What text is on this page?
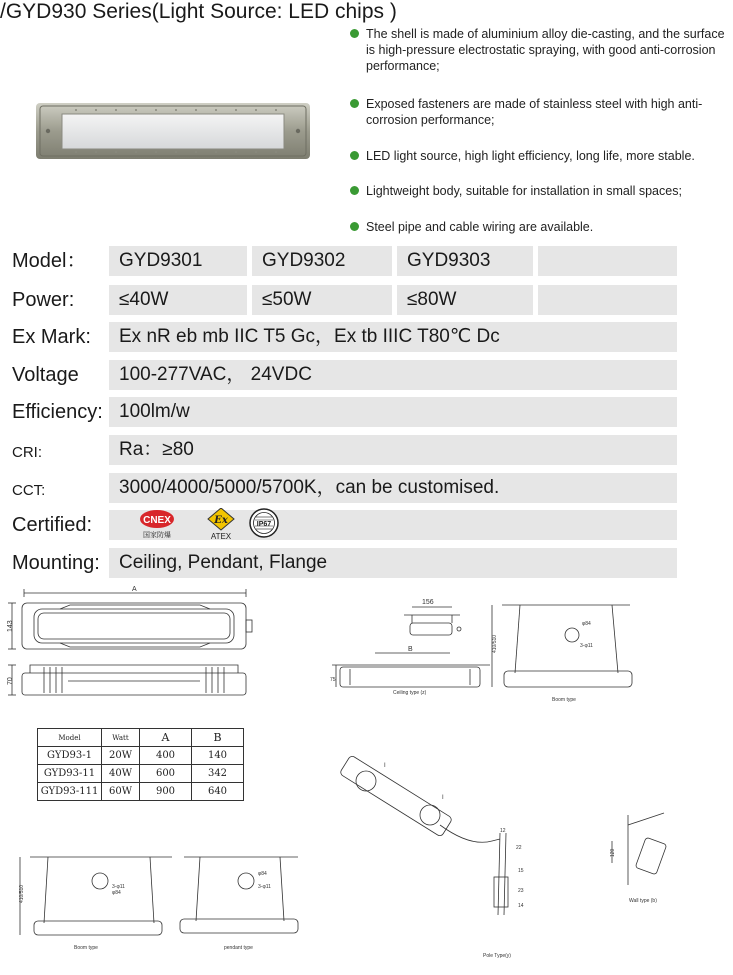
/GYD930 Series(Light Source: LED chips )
The shell is made of aluminium alloy die-casting, and the surface is high-pressure electrostatic spraying, with good anti-corrosion performance;
Exposed fasteners are made of stainless steel with high anti-corrosion performance;
LED light source, high light efficiency, long life, more stable.
Lightweight body, suitable for installation in small spaces;
Steel pipe and cable wiring are available.
Model：	GYD9301	GYD9302	GYD9303
Power:	≤40W	≤50W	≤80W
Ex Mark:	Ex nR eb mb IIC T5 Gc，Ex tb IIIC T80℃ Dc
Voltage	100-277VAC， 24VDC
Efficiency: 100lm/w
CRI:	Ra：≥80
CCT:	3000/4000/5000/5700K，can be customised.
Certified:
Mounting:	Ceiling, Pendant, Flange
CNEX
国家防爆
Ex
ATEX
IP67
A
143
70
156
B
75
410/510
φ84
3-φ11
120
410/510	3-φ11
φ84
φ84
3-φ11
I
I
12
22
15
23
14
Ceiling type (z)
Boom type
Boom type	pendant type
Pole Type(y)
Wall type (b)
Model	Watt	A	B
GYD93-1	20W	400	140
GYD93-11	40W	600	342
GYD93-111	60W	900	640
